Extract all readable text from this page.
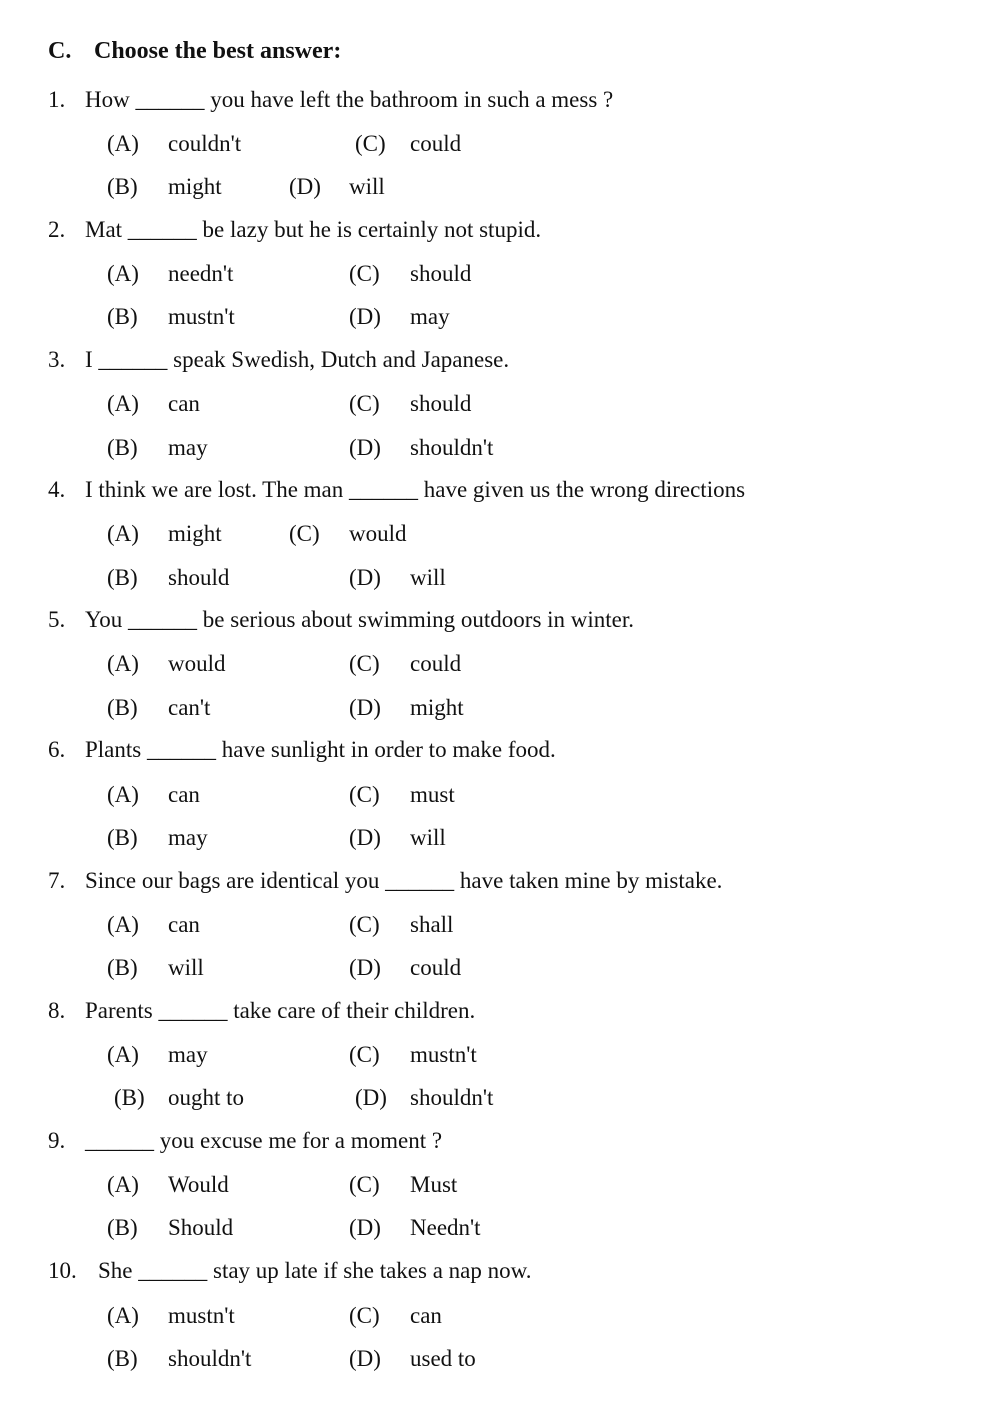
C. Choose the best answer:
1. How ______ you have left the bathroom in such a mess ?
(A) couldn't	(C) could
(B) might	(D) will
2. Mat ______ be lazy but he is certainly not stupid.
(A) needn't	(C) should
(B) mustn't	(D) may
3. I ______ speak Swedish, Dutch and Japanese.
(A) can	(C) should
(B) may	(D) shouldn't
4. I think we are lost. The man ______ have given us the wrong directions
(A) might	(C) would
(B) should	(D) will
5. You ______ be serious about swimming outdoors in winter.
(A) would	(C) could
(B) can't	(D) might
6. Plants ______ have sunlight in order to make food.
(A) can	(C) must
(B) may	(D) will
7. Since our bags are identical you ______ have taken mine by mistake.
(A) can	(C) shall
(B) will	(D) could
8. Parents ______ take care of their children.
(A) may	(C) mustn't
(B) ought to	(D) shouldn't
9. ______ you excuse me for a moment ?
(A) Would	(C) Must
(B) Should	(D) Needn't
10. She ______ stay up late if she takes a nap now.
(A) mustn't	(C) can
(B) shouldn't	(D) used to
